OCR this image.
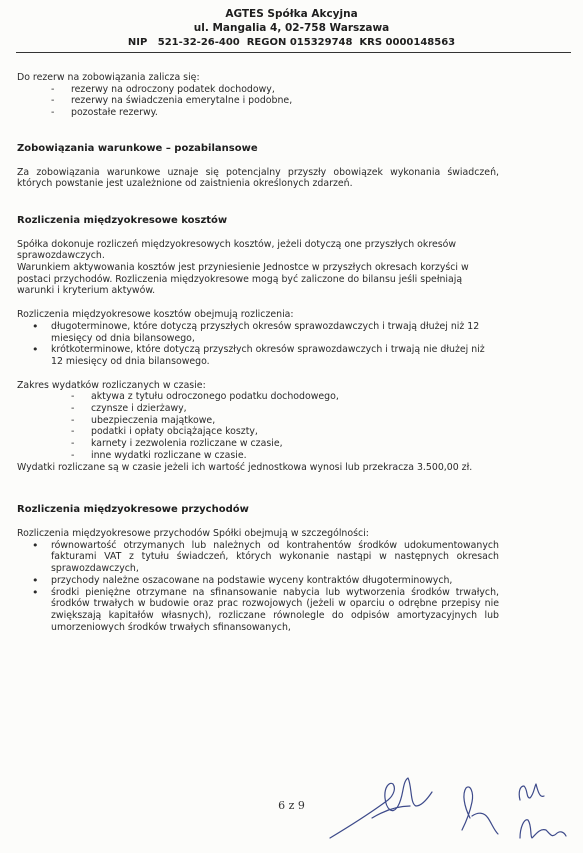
AGTES Spółka Akcyjna
ul. Mangalia 4, 02-758 Warszawa
NIP   521-32-26-400  REGON 015329748  KRS 0000148563

Do rezerw na zobowiązania zalicza się:

- rezerwy na odroczony podatek dochodowy,
- rezerwy na świadczenia emerytalne i podobne,
- pozostałe rezerwy.

Zobowiązania warunkowe – pozabilansowe

Za zobowiązania warunkowe uznaje się potencjalny przyszły obowiązek wykonania świadczeń, których powstanie jest uzależnione od zaistnienia określonych zdarzeń.

Rozliczenia międzyokresowe kosztów

Spółka dokonuje rozliczeń międzyokresowych kosztów, jeżeli dotyczą one przyszłych okresów sprawozdawczych.

Warunkiem aktywowania kosztów jest przyniesienie Jednostce w przyszłych okresach korzyści w postaci przychodów. Rozliczenia międzyokresowe mogą być zaliczone do bilansu jeśli spełniają warunki i kryterium aktywów.

Rozliczenia międzyokresowe kosztów obejmują rozliczenia:

• długoterminowe, które dotyczą przyszłych okresów sprawozdawczych i trwają dłużej niż 12 miesięcy od dnia bilansowego,
• krótkoterminowe, które dotyczą przyszłych okresów sprawozdawczych i trwają nie dłużej niż 12 miesięcy od dnia bilansowego.

Zakres wydatków rozliczanych w czasie:

- aktywa z tytułu odroczonego podatku dochodowego,
- czynsze i dzierżawy,
- ubezpieczenia majątkowe,
- podatki i opłaty obciążające koszty,
- karnety i zezwolenia rozliczane w czasie,
- inne wydatki rozliczane w czasie.

Wydatki rozliczane są w czasie jeżeli ich wartość jednostkowa wynosi lub przekracza 3.500,00 zł.

Rozliczenia międzyokresowe przychodów

Rozliczenia międzyokresowe przychodów Spółki obejmują w szczególności:

• równowartość otrzymanych lub należnych od kontrahentów środków udokumentowanych fakturami VAT z tytułu świadczeń, których wykonanie nastąpi w następnych okresach sprawozdawczych,
• przychody należne oszacowane na podstawie wyceny kontraktów długoterminowych,
• środki pieniężne otrzymane na sfinansowanie nabycia lub wytworzenia środków trwałych, środków trwałych w budowie oraz prac rozwojowych (jeżeli w oparciu o odrębne przepisy nie zwiększają kapitałów własnych), rozliczane równolegle do odpisów amortyzacyjnych lub umorzeniowych środków trwałych sfinansowanych,
6 z 9
